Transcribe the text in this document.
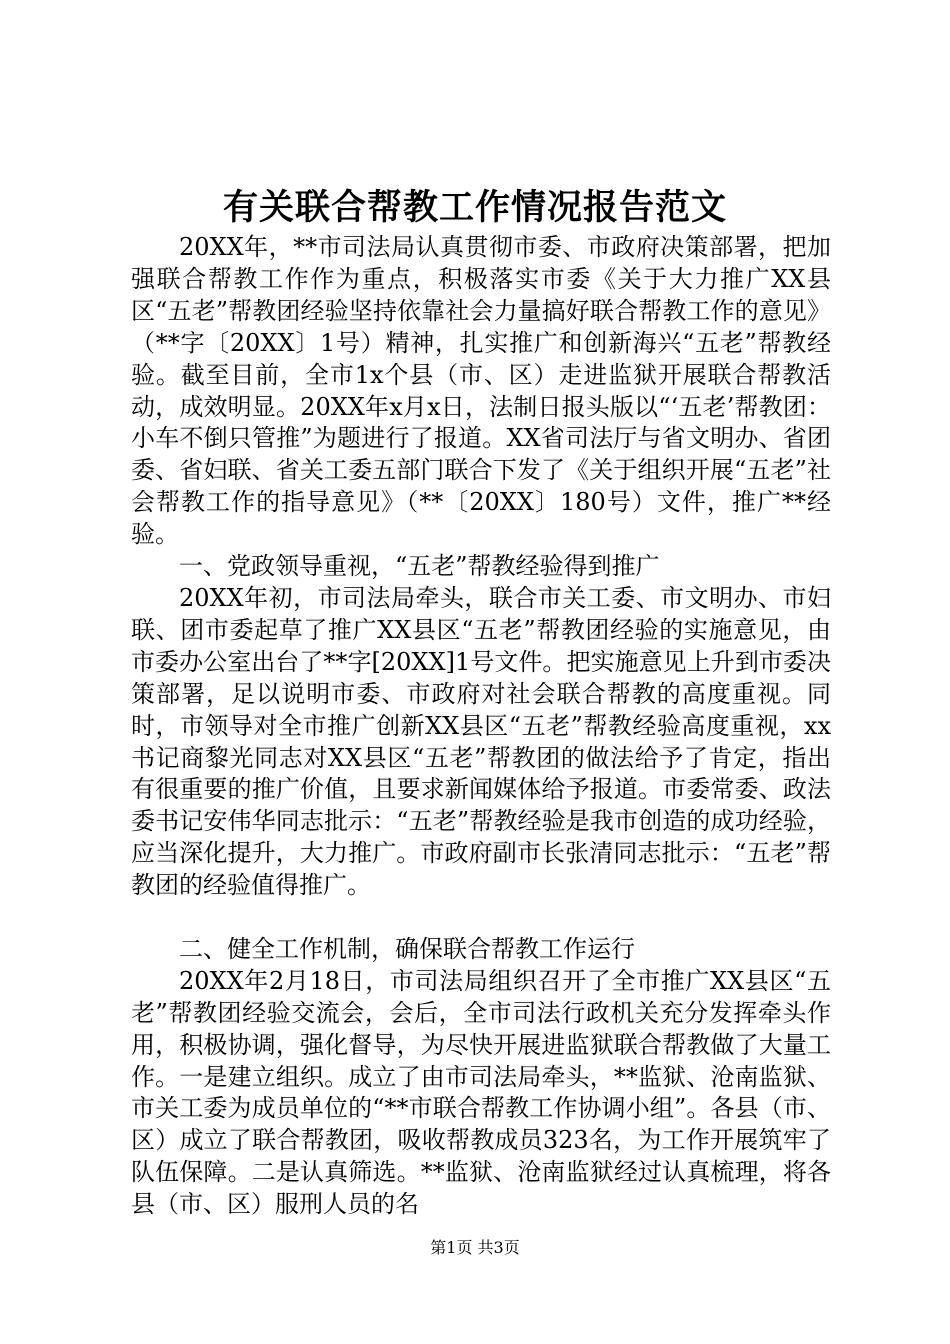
有关联合帮教工作情况报告范文

20XX年，**市司法局认真贯彻市委、市政府决策部署，把加强联合帮教工作作为重点，积极落实市委《关于大力推广XX县区“五老”帮教团经验坚持依靠社会力量搞好联合帮教工作的意见》（**字〔20XX〕1号）精神，扎实推广和创新海兴“五老”帮教经验。截至目前，全市1x个县（市、区）走进监狱开展联合帮教活动，成效明显。20XX年x月x日，法制日报头版以“‘五老’帮教团：小车不倒只管推”为题进行了报道。XX省司法厅与省文明办、省团委、省妇联、省关工委五部门联合下发了《关于组织开展“五老”社会帮教工作的指导意见》（**〔20XX〕180号）文件，推广**经验。

一、党政领导重视，“五老”帮教经验得到推广

20XX年初，市司法局牵头，联合市关工委、市文明办、市妇联、团市委起草了推广XX县区“五老”帮教团经验的实施意见，由市委办公室出台了**字[20XX]1号文件。把实施意见上升到市委决策部署，足以说明市委、市政府对社会联合帮教的高度重视。同时，市领导对全市推广创新XX县区“五老”帮教经验高度重视，xx书记商黎光同志对XX县区“五老”帮教团的做法给予了肯定，指出有很重要的推广价值，且要求新闻媒体给予报道。市委常委、政法委书记安伟华同志批示：“五老”帮教经验是我市创造的成功经验，应当深化提升，大力推广。市政府副市长张清同志批示：“五老”帮教团的经验值得推广。

二、健全工作机制，确保联合帮教工作运行

20XX年2月18日，市司法局组织召开了全市推广XX县区“五老”帮教团经验交流会，会后，全市司法行政机关充分发挥牵头作用，积极协调，强化督导，为尽快开展进监狱联合帮教做了大量工作。一是建立组织。成立了由市司法局牵头，**监狱、沧南监狱、市关工委为成员单位的“**市联合帮教工作协调小组”。各县（市、区）成立了联合帮教团，吸收帮教成员323名，为工作开展筑牢了队伍保障。二是认真筛选。**监狱、沧南监狱经过认真梳理，将各县（市、区）服刑人员的名

第1页 共3页
